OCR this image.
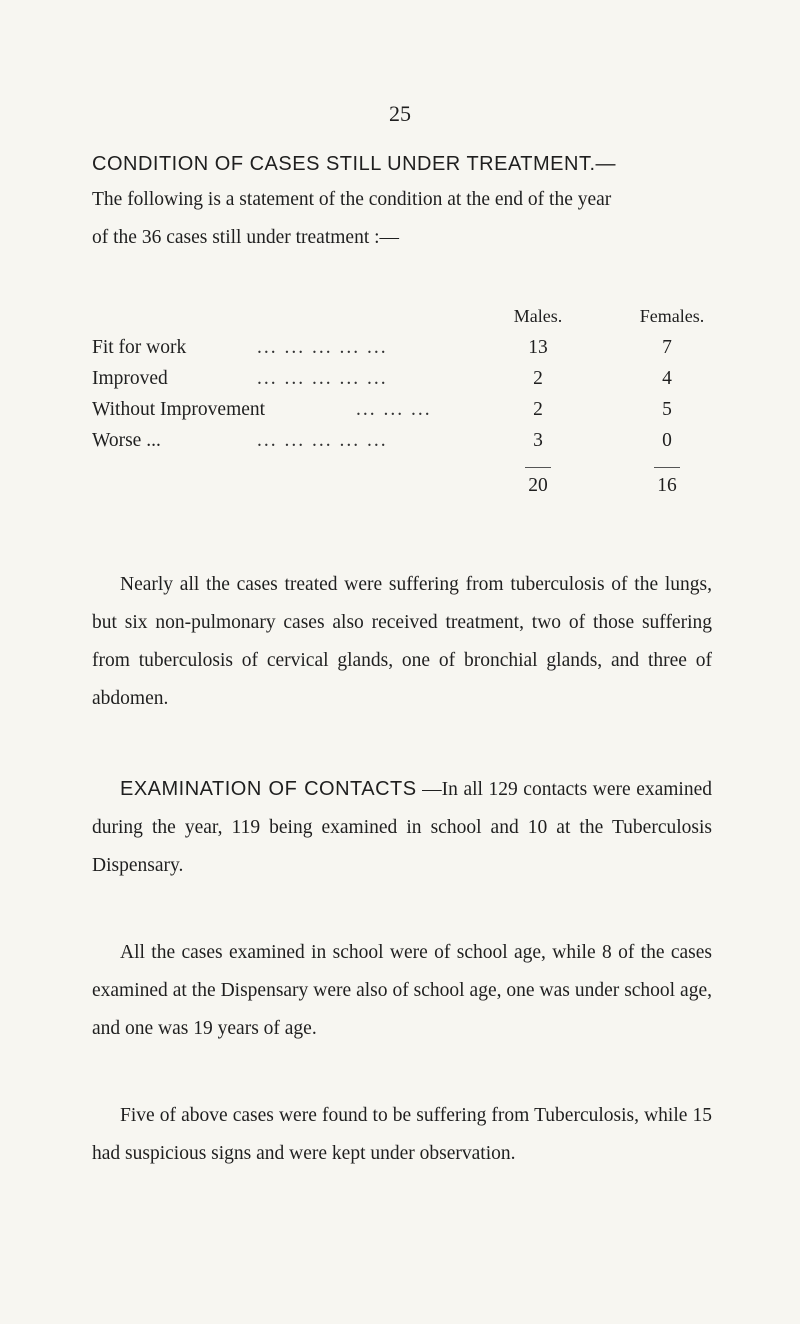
25
CONDITION OF CASES STILL UNDER TREATMENT.—

The following is a statement of the condition at the end of the year
of the 36 cases still under treatment :—

Males.	Females.
Fit for work	... ... ... ... ...	13	7
Improved	... ... ... ... ...	2	4
Without Improvement	... ... ...	2	5
Worse ...	... ... ... ... ...	3	0
20	16

Nearly all the cases treated were suffering from tuberculosis of the lungs, but six non-pulmonary cases also received treatment, two of those suffering from tuberculosis of cervical glands, one of bronchial glands, and three of abdomen.

EXAMINATION OF CONTACTS —In all 129 contacts were examined during the year, 119 being examined in school and 10 at the Tuberculosis Dispensary.

All the cases examined in school were of school age, while 8 of the cases examined at the Dispensary were also of school age, one was under school age, and one was 19 years of age.

Five of above cases were found to be suffering from Tuberculosis, while 15 had suspicious signs and were kept under observation.
